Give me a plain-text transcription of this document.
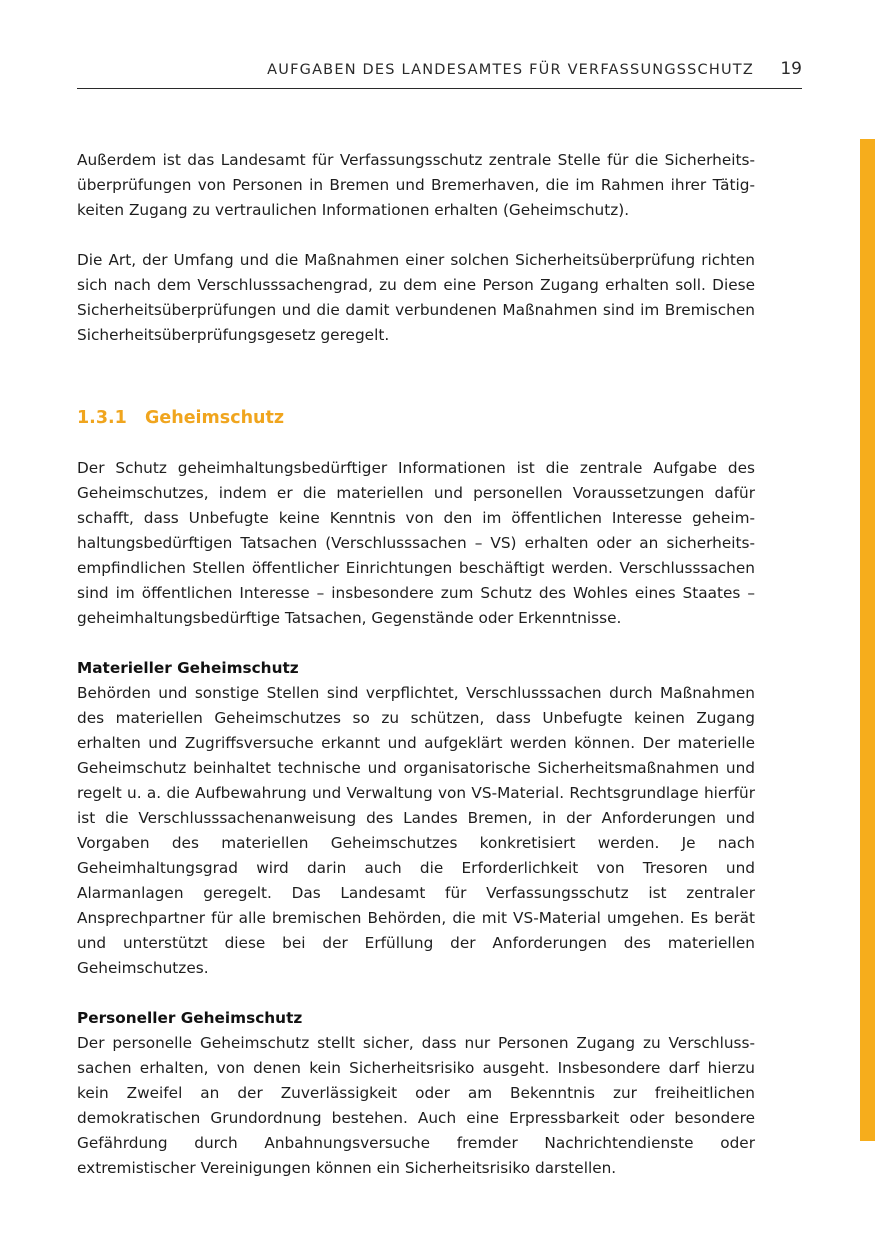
AUFGABEN DES LANDESAMTES FÜR VERFASSUNGSSCHUTZ 19

Außerdem ist das Landesamt für Verfassungsschutz zentrale Stelle für die Sicherheitsüberprüfungen von Personen in Bremen und Bremerhaven, die im Rahmen ihrer Tätigkeiten Zugang zu vertraulichen Informationen erhalten (Geheimschutz).

Die Art, der Umfang und die Maßnahmen einer solchen Sicherheitsüberprüfung richten sich nach dem Verschlusssachengrad, zu dem eine Person Zugang erhalten soll. Diese Sicherheitsüberprüfungen und die damit verbundenen Maßnahmen sind im Bremischen Sicherheitsüberprüfungsgesetz geregelt.

1.3.1 Geheimschutz

Der Schutz geheimhaltungsbedürftiger Informationen ist die zentrale Aufgabe des Geheimschutzes, indem er die materiellen und personellen Voraussetzungen dafür schafft, dass Unbefugte keine Kenntnis von den im öffentlichen Interesse geheimhaltungsbedürftigen Tatsachen (Verschlusssachen – VS) erhalten oder an sicherheitsempfindlichen Stellen öffentlicher Einrichtungen beschäftigt werden. Verschlusssachen sind im öffentlichen Interesse – insbesondere zum Schutz des Wohles eines Staates – geheimhaltungsbedürftige Tatsachen, Gegenstände oder Erkenntnisse.

Materieller Geheimschutz

Behörden und sonstige Stellen sind verpflichtet, Verschlusssachen durch Maßnahmen des materiellen Geheimschutzes so zu schützen, dass Unbefugte keinen Zugang erhalten und Zugriffsversuche erkannt und aufgeklärt werden können. Der materielle Geheimschutz beinhaltet technische und organisatorische Sicherheitsmaßnahmen und regelt u. a. die Aufbewahrung und Verwaltung von VS-Material. Rechtsgrundlage hierfür ist die Verschlusssachenanweisung des Landes Bremen, in der Anforderungen und Vorgaben des materiellen Geheimschutzes konkretisiert werden. Je nach Geheimhaltungsgrad wird darin auch die Erforderlichkeit von Tresoren und Alarmanlagen geregelt. Das Landesamt für Verfassungsschutz ist zentraler Ansprechpartner für alle bremischen Behörden, die mit VS-Material umgehen. Es berät und unterstützt diese bei der Erfüllung der Anforderungen des materiellen Geheimschutzes.

Personeller Geheimschutz

Der personelle Geheimschutz stellt sicher, dass nur Personen Zugang zu Verschlusssachen erhalten, von denen kein Sicherheitsrisiko ausgeht. Insbesondere darf hierzu kein Zweifel an der Zuverlässigkeit oder am Bekenntnis zur freiheitlichen demokratischen Grundordnung bestehen. Auch eine Erpressbarkeit oder besondere Gefährdung durch Anbahnungsversuche fremder Nachrichtendienste oder extremistischer Vereinigungen können ein Sicherheitsrisiko darstellen.
